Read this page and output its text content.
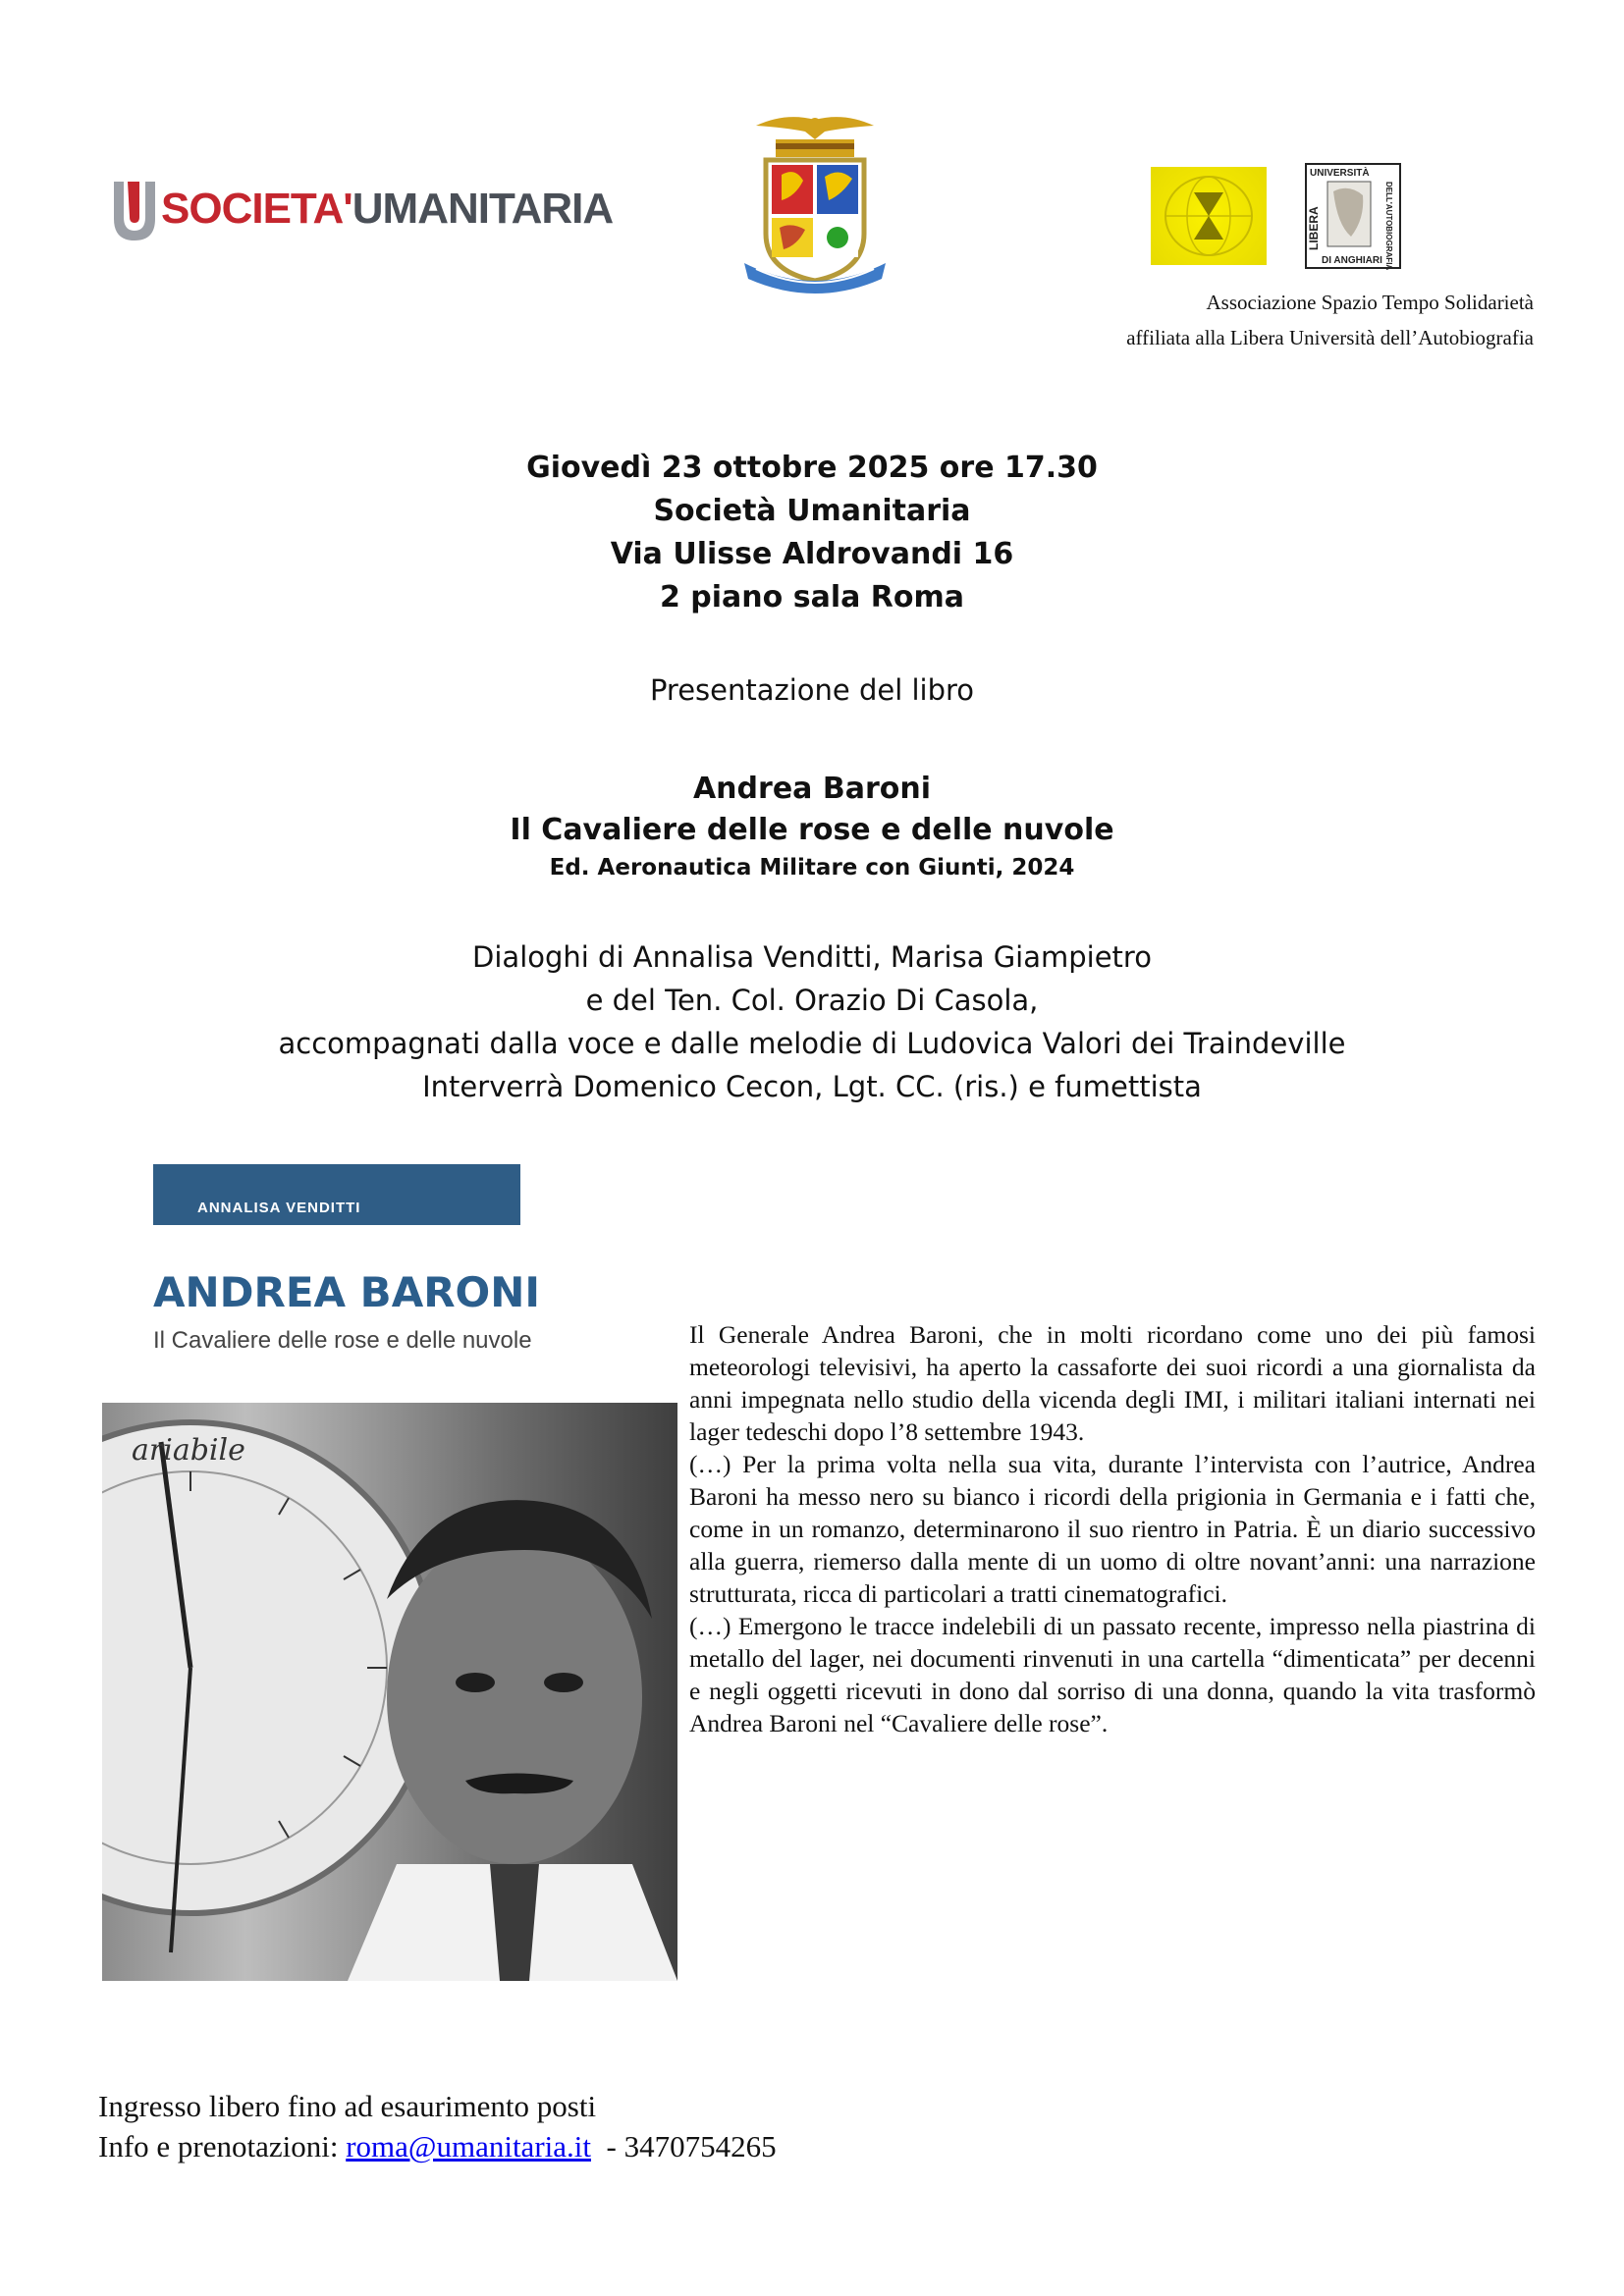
SOCIETA'UMANITARIA
UNIVERSITÀ
LIBERA	DELL'AUTOBIOGRAFIA
DI ANGHIARI
Associazione Spazio Tempo Solidarietà
affiliata alla Libera Università dell’Autobiografia
Giovedì 23 ottobre 2025 ore 17.30
Società Umanitaria
Via Ulisse Aldrovandi 16
2 piano sala Roma
Presentazione del libro
Andrea Baroni
Il Cavaliere delle rose e delle nuvole
Ed. Aeronautica Militare con Giunti, 2024
Dialoghi di Annalisa Venditti, Marisa Giampietro
e del Ten. Col. Orazio Di Casola,
accompagnati dalla voce e dalle melodie di Ludovica Valori dei Traindeville
Interverrà Domenico Cecon, Lgt. CC. (ris.) e fumettista
ANNALISA VENDITTI
ANDREA BARONI
Il Cavaliere delle rose e delle nuvole
ariabile

Il Generale Andrea Baroni, che in molti ricordano come uno dei più famosi meteorologi televisivi, ha aperto la cassaforte dei suoi ricordi a una giornalista da anni impegnata nello studio della vicenda degli IMI, i militari italiani internati nei lager tedeschi dopo l’8 settembre 1943.

(…) Per la prima volta nella sua vita, durante l’intervista con l’autrice, Andrea Baroni ha messo nero su bianco i ricordi della prigionia in Germania e i fatti che, come in un romanzo, determinarono il suo rientro in Patria. È un diario successivo alla guerra, riemerso dalla mente di un uomo di oltre novant’anni: una narrazione strutturata, ricca di particolari a tratti cinematografici.

(…) Emergono le tracce indelebili di un passato recente, impresso nella piastrina di metallo del lager, nei documenti rinvenuti in una cartella “dimenticata” per decenni e negli oggetti ricevuti in dono dal sorriso di una donna, quando la vita trasformò Andrea Baroni nel “Cavaliere delle rose”.

Ingresso libero fino ad esaurimento posti
Info e prenotazioni: roma@umanitaria.it  - 3470754265
